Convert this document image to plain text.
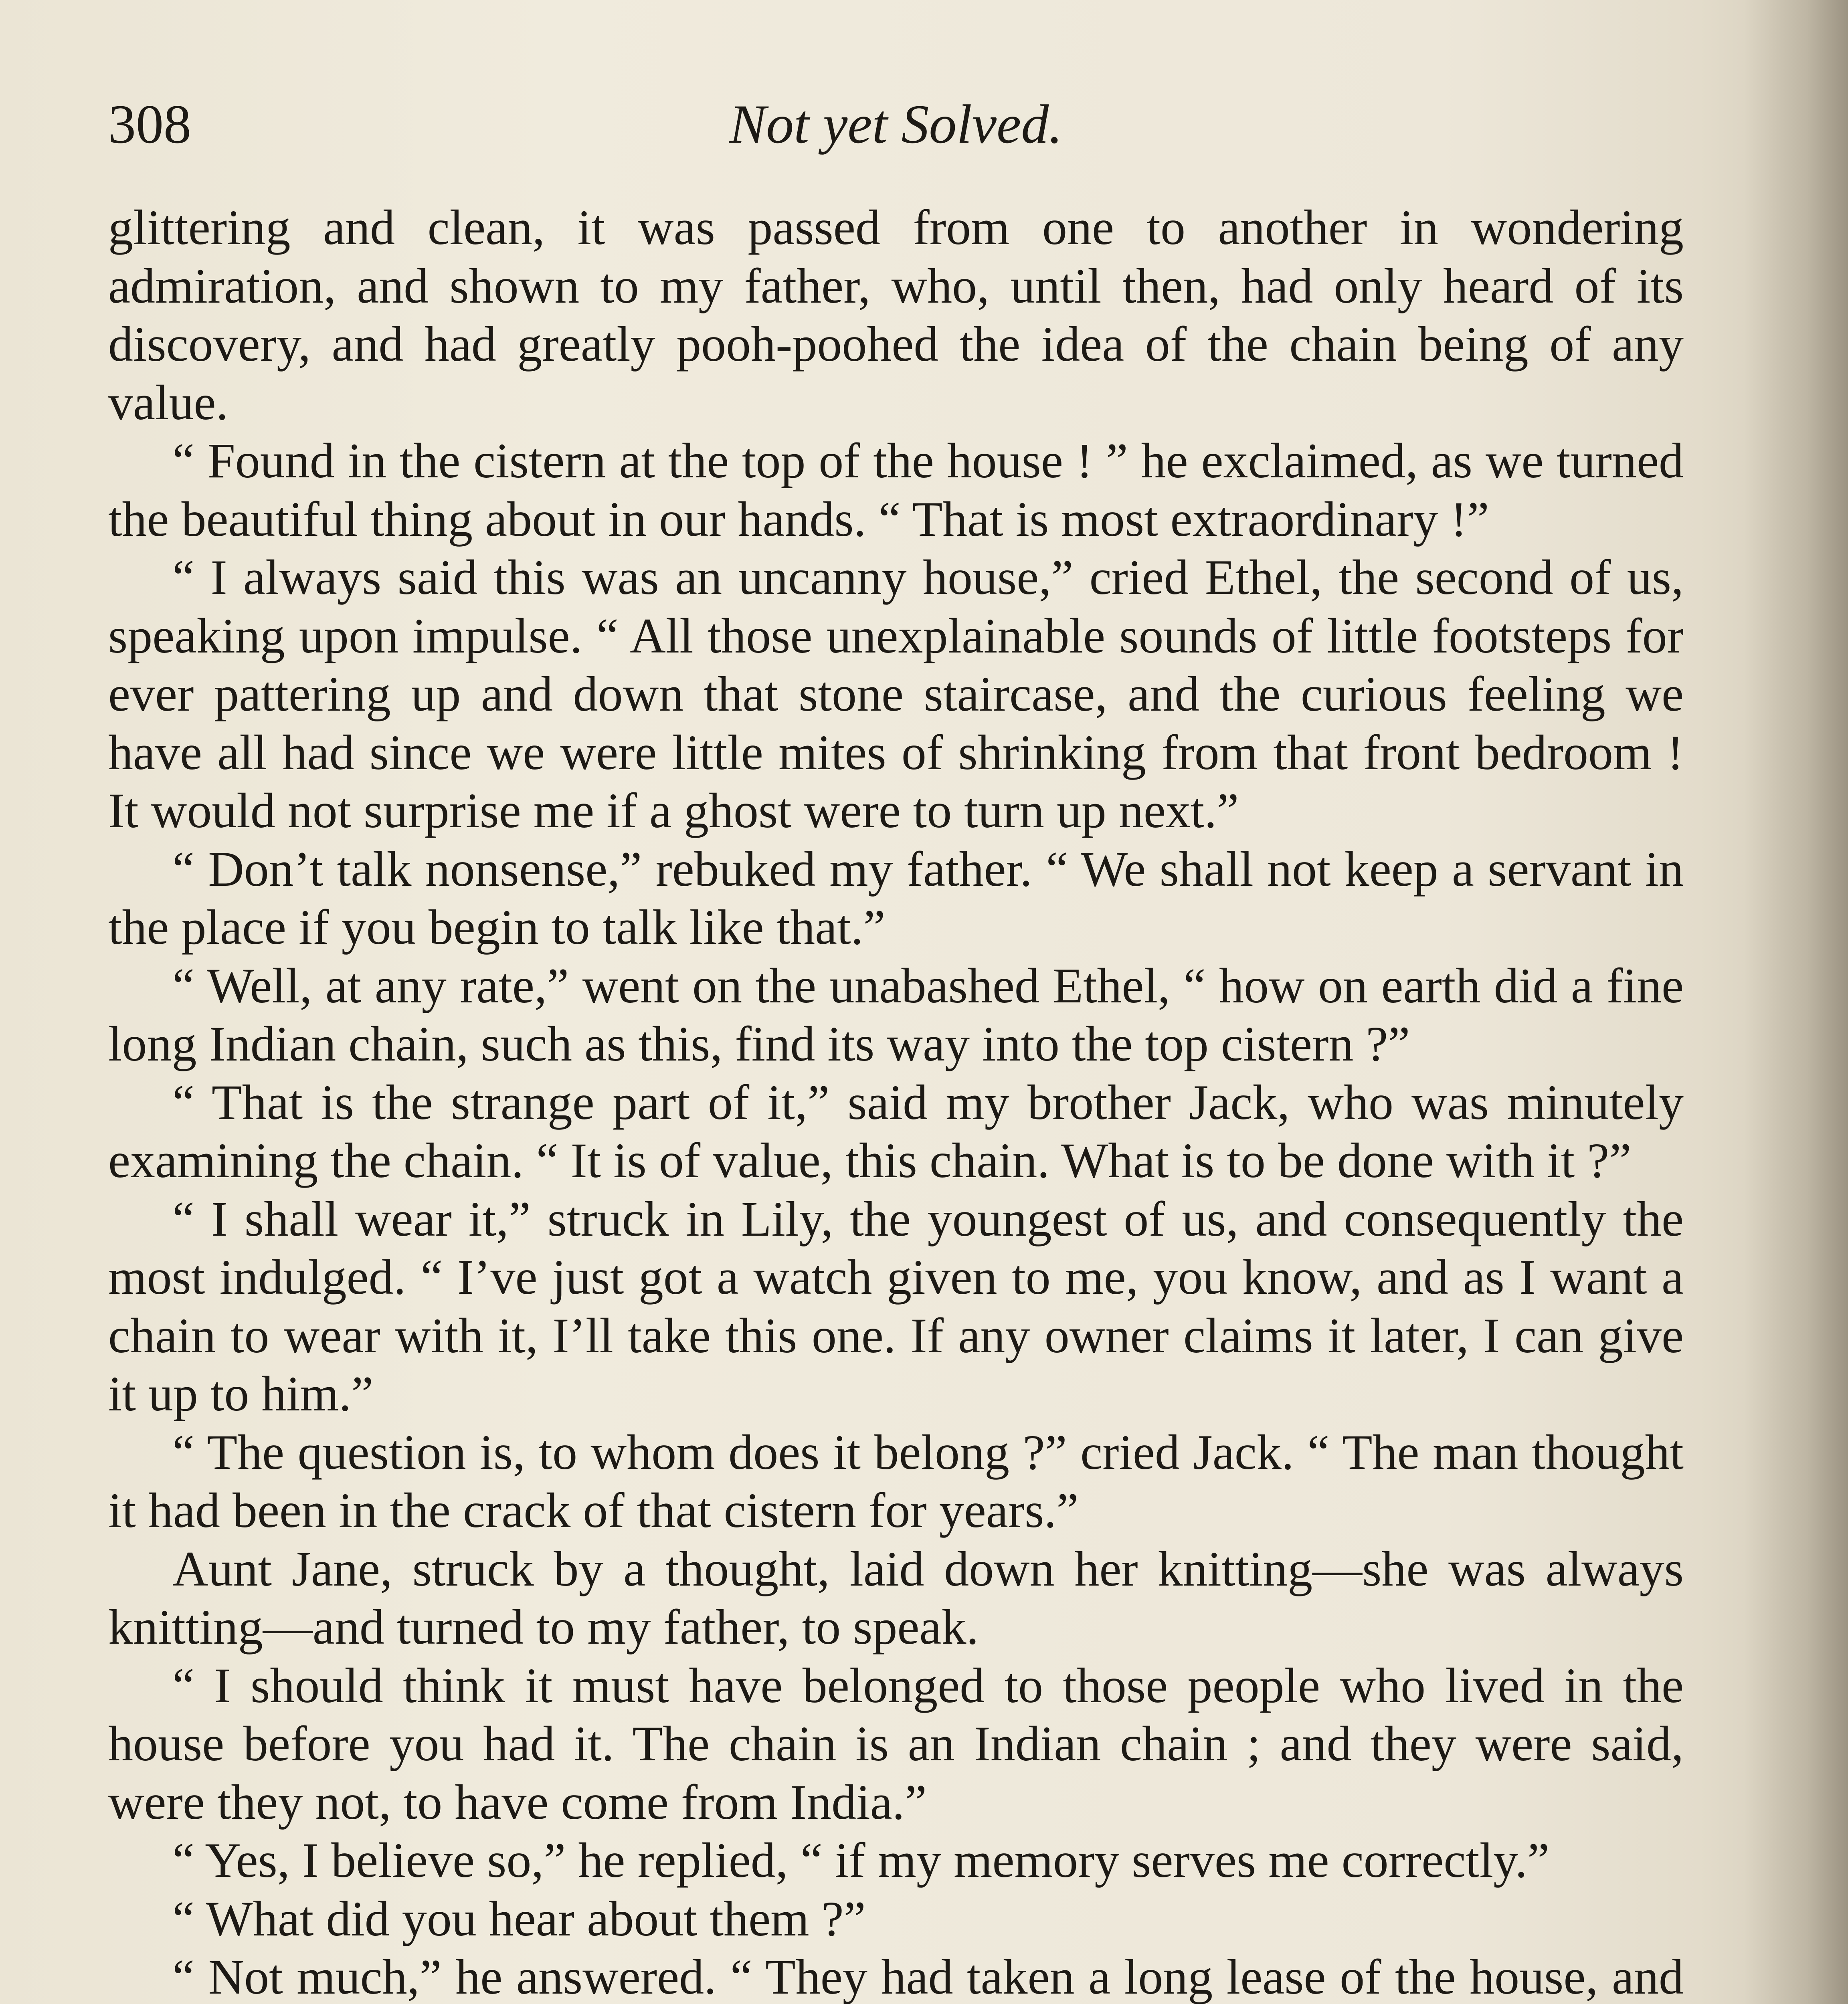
308	Not yet Solved.

glittering and clean, it was passed from one to another in wondering admiration, and shown to my father, who, until then, had only heard of its discovery, and had greatly pooh-poohed the idea of the chain being of any value.

“ Found in the cistern at the top of the house ! ” he exclaimed, as we turned the beautiful thing about in our hands. “ That is most extraordinary !”

“ I always said this was an uncanny house,” cried Ethel, the second of us, speaking upon impulse. “ All those unexplainable sounds of little footsteps for ever pattering up and down that stone staircase, and the curious feeling we have all had since we were little mites of shrinking from that front bedroom ! It would not surprise me if a ghost were to turn up next.”

“ Don’t talk nonsense,” rebuked my father. “ We shall not keep a servant in the place if you begin to talk like that.”

“ Well, at any rate,” went on the unabashed Ethel, “ how on earth did a fine long Indian chain, such as this, find its way into the top cistern ?”

“ That is the strange part of it,” said my brother Jack, who was minutely examining the chain. “ It is of value, this chain. What is to be done with it ?”

“ I shall wear it,” struck in Lily, the youngest of us, and consequently the most indulged. “ I’ve just got a watch given to me, you know, and as I want a chain to wear with it, I’ll take this one. If any owner claims it later, I can give it up to him.”

“ The question is, to whom does it belong ?” cried Jack. “ The man thought it had been in the crack of that cistern for years.”

Aunt Jane, struck by a thought, laid down her knitting—she was always knitting—and turned to my father, to speak.

“ I should think it must have belonged to those people who lived in the house before you had it. The chain is an Indian chain ; and they were said, were they not, to have come from India.”

“ Yes, I believe so,” he replied, “ if my memory serves me correctly.”

“ What did you hear about them ?”

“ Not much,” he answered. “ They had taken a long lease of the house, and
